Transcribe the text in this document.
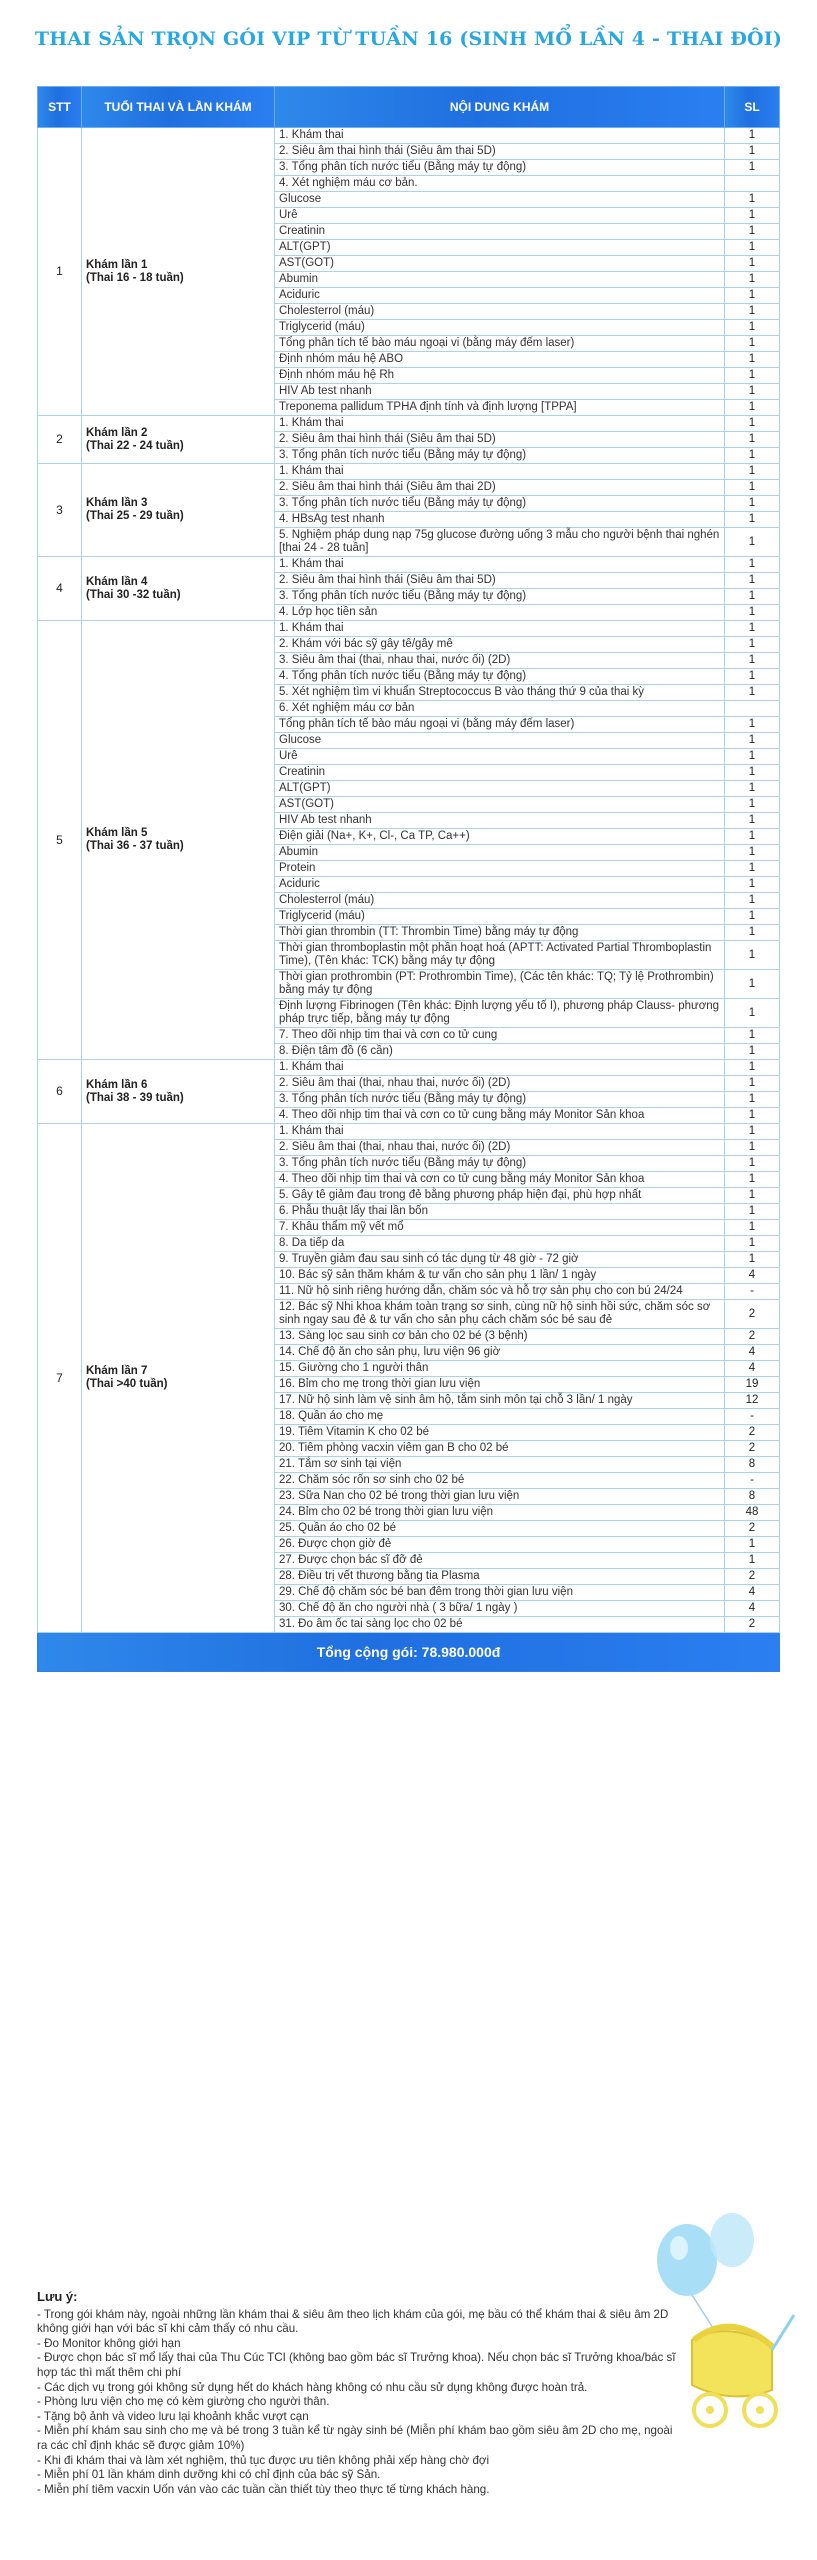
THAI SẢN TRỌN GÓI VIP TỪ TUẦN 16 (SINH MỔ LẦN 4 - THAI ĐÔI)
STT	TUỔI THAI VÀ LẦN KHÁM	NỘI DUNG KHÁM	SL
1	Khám lần 1
(Thai 16 - 18 tuần)	1. Khám thai	1
		2. Siêu âm thai hình thái (Siêu âm thai 5D)	1
		3. Tổng phân tích nước tiểu (Bằng máy tự động)	1
		4. Xét nghiệm máu cơ bản.	
		Glucose	1
		Urê	1
		Creatinin	1
		ALT(GPT)	1
		AST(GOT)	1
		Abumin	1
		Aciduric	1
		Cholesterrol (máu)	1
		Triglycerid (máu)	1
		Tổng phân tích tế bào máu ngoại vi (bằng máy đếm laser)	1
		Định nhóm máu hệ ABO	1
		Định nhóm máu hệ Rh	1
		HIV Ab test nhanh	1
		Treponema pallidum TPHA định tính và định lượng [TPPA]	1
2	Khám lần 2
(Thai 22 - 24 tuần)	1. Khám thai	1
		2. Siêu âm thai hình thái (Siêu âm thai 5D)	1
		3. Tổng phân tích nước tiểu (Bằng máy tự động)	1
3	Khám lần 3
(Thai 25 - 29 tuần)	1. Khám thai	1
		2. Siêu âm thai hình thái (Siêu âm thai 2D)	1
		3. Tổng phân tích nước tiểu (Bằng máy tự động)	1
		4. HBsAg test nhanh	1
		5. Nghiệm pháp dung nạp 75g glucose đường uống 3 mẫu cho người bệnh thai nghén [thai 24 - 28 tuần]	1
4	Khám lần 4
(Thai 30 -32 tuần)	1. Khám thai	1
		2. Siêu âm thai hình thái (Siêu âm thai 5D)	1
		3. Tổng phân tích nước tiểu (Bằng máy tự động)	1
		4. Lớp học tiền sản	1
5	Khám lần 5
(Thai 36 - 37 tuần)	1. Khám thai	1
		2. Khám với bác sỹ gây tê/gây mê	1
		3. Siêu âm thai (thai, nhau thai, nước ối) (2D)	1
		4. Tổng phân tích nước tiểu (Bằng máy tự động)	1
		5. Xét nghiệm tìm vi khuẩn Streptococcus B vào tháng thứ 9 của thai kỳ	1
		6. Xét nghiệm máu cơ bản	
		Tổng phân tích tế bào máu ngoại vi (bằng máy đếm laser)	1
		Glucose	1
		Urê	1
		Creatinin	1
		ALT(GPT)	1
		AST(GOT)	1
		HIV Ab test nhanh	1
		Điện giải (Na+, K+, Cl-, Ca TP, Ca++)	1
		Abumin	1
		Protein	1
		Aciduric	1
		Cholesterrol (máu)	1
		Triglycerid (máu)	1
		Thời gian thrombin (TT: Thrombin Time) bằng máy tự động	1
		Thời gian thromboplastin một phần hoạt hoá (APTT: Activated Partial Thromboplastin Time), (Tên khác: TCK) bằng máy tự động	1
		Thời gian prothrombin (PT: Prothrombin Time), (Các tên khác: TQ; Tỷ lệ Prothrombin) bằng máy tự động	1
		Định lượng Fibrinogen (Tên khác: Định lượng yếu tố I), phương pháp Clauss- phương pháp trực tiếp, bằng máy tự động	1
		7. Theo dõi nhịp tim thai và cơn co tử cung	1
		8. Điện tâm đồ (6 cần)	1
6	Khám lần 6
(Thai 38 - 39 tuần)	1. Khám thai	1
		2. Siêu âm thai (thai, nhau thai, nước ối) (2D)	1
		3. Tổng phân tích nước tiểu (Bằng máy tự động)	1
		4. Theo dõi nhịp tim thai và cơn co tử cung bằng máy Monitor Sản khoa	1
7	Khám lần 7
(Thai >40 tuần)	1. Khám thai	1
		2. Siêu âm thai (thai, nhau thai, nước ối) (2D)	1
		3. Tổng phân tích nước tiểu (Bằng máy tự động)	1
		4. Theo dõi nhịp tim thai và cơn co tử cung bằng máy Monitor Sản khoa	1
		5. Gây tê giảm đau trong đẻ bằng phương pháp hiện đại, phù hợp nhất	1
		6. Phẫu thuật lấy thai lần bốn	1
		7. Khâu thẩm mỹ vết mổ	1
		8. Da tiếp da	1
		9. Truyền giảm đau sau sinh có tác dụng từ 48 giờ - 72 giờ	1
		10. Bác sỹ sản thăm khám & tư vấn cho sản phụ 1 lần/ 1 ngày	4
		11. Nữ hộ sinh riêng hướng dẫn, chăm sóc và hỗ trợ sản phụ cho con bú 24/24	-
		12. Bác sỹ Nhi khoa khám toàn trạng sơ sinh, cùng nữ hộ sinh hồi sức, chăm sóc sơ sinh ngay sau đẻ & tư vấn cho sản phụ cách chăm sóc bé sau đẻ	2
		13. Sàng lọc sau sinh cơ bản cho 02 bé (3 bệnh)	2
		14. Chế độ ăn cho sản phụ, lưu viện 96 giờ	4
		15. Giường cho 1 người thân	4
		16. Bỉm cho mẹ trong thời gian lưu viện	19
		17. Nữ hộ sinh làm vệ sinh âm hộ, tắm sinh môn tại chỗ 3 lần/ 1 ngày	12
		18. Quần áo cho mẹ	-
		19. Tiêm Vitamin K cho 02 bé	2
		20. Tiêm phòng vacxin viêm gan B cho 02 bé	2
		21. Tắm sơ sinh tại viện	8
		22. Chăm sóc rốn sơ sinh cho 02 bé	-
		23. Sữa Nan cho 02 bé trong thời gian lưu viện	8
		24. Bỉm cho 02 bé trong thời gian lưu viện	48
		25. Quần áo cho 02 bé	2
		26. Được chọn giờ đẻ	1
		27. Được chọn bác sĩ đỡ đẻ	1
		28. Điều trị vết thương bằng tia Plasma	2
		29. Chế độ chăm sóc bé ban đêm trong thời gian lưu viện	4
		30. Chế độ ăn cho người nhà ( 3 bữa/ 1 ngày )	4
		31. Đo âm ốc tai sàng lọc cho 02 bé	2
Tổng cộng gói: 78.980.000đ			
Lưu ý:
- Trong gói khám này, ngoài những lần khám thai & siêu âm theo lịch khám của gói, mẹ bầu có thể khám thai & siêu âm 2D không giới hạn với bác sĩ khi cảm thấy có nhu cầu.
- Đo Monitor không giới hạn
- Được chọn bác sĩ mổ lấy thai của Thu Cúc TCI (không bao gồm bác sĩ Trưởng khoa). Nếu chọn bác sĩ Trưởng khoa/bác sĩ hợp tác thì mất thêm chi phí
- Các dịch vụ trong gói không sử dụng hết do khách hàng không có nhu cầu sử dụng không được hoàn trả.
- Phòng lưu viện cho mẹ có kèm giường cho người thân.
- Tặng bộ ảnh và video lưu lại khoảnh khắc vượt cạn
- Miễn phí khám sau sinh cho mẹ và bé trong 3 tuần kể từ ngày sinh bé (Miễn phí khám bao gồm siêu âm 2D cho mẹ, ngoài ra các chỉ định khác sẽ được giảm 10%)
- Khi đi khám thai và làm xét nghiệm, thủ tục được ưu tiên không phải xếp hàng chờ đợi
- Miễn phí 01 lần khám dinh dưỡng khi có chỉ định của bác sỹ Sản.
- Miễn phí tiêm vacxin Uốn ván vào các tuần cần thiết tùy theo thực tế từng khách hàng.
